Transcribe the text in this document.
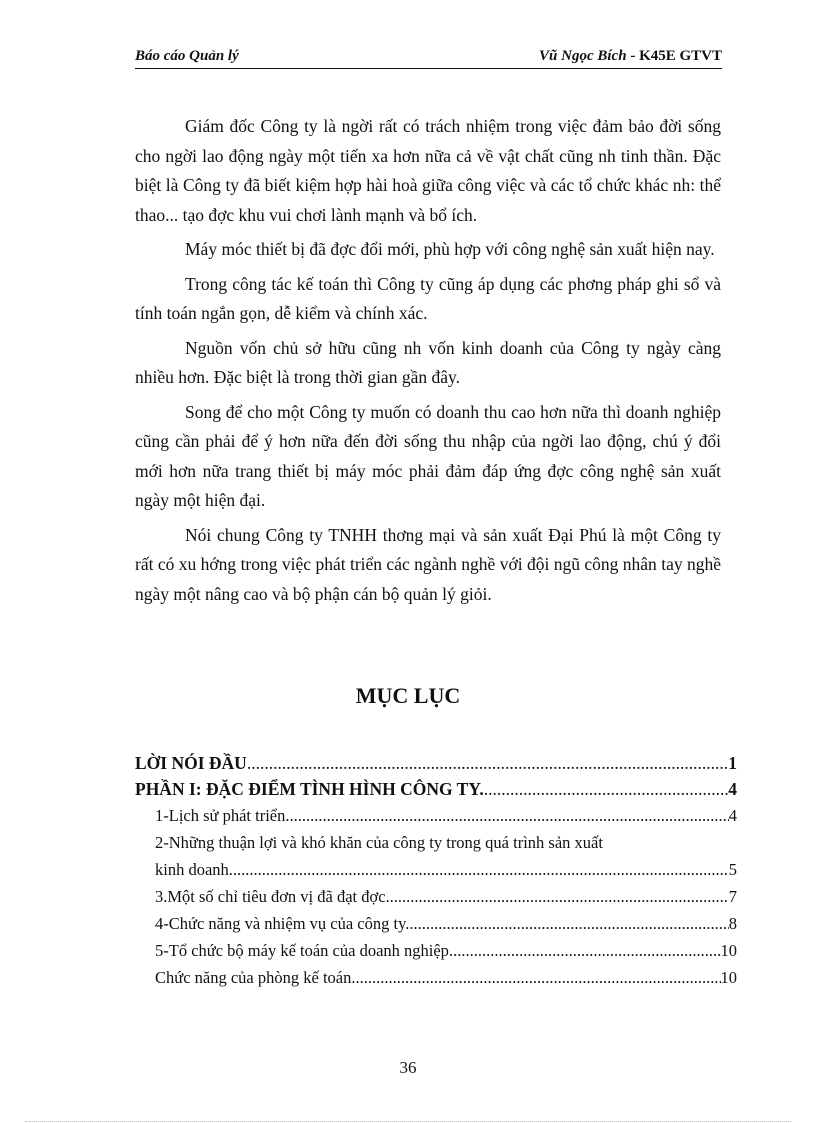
Báo cáo Quản lý	Vũ Ngọc Bích - K45E GTVT

Giám đốc Công ty là ngời rất có trách nhiệm trong việc đảm bảo đời sống cho ngời lao động ngày một tiến xa hơn nữa cả về vật chất cũng nh tinh thần. Đặc biệt là Công ty đã biết kiệm hợp hài hoà giữa công việc và các tổ chức khác nh: thể thao... tạo đợc khu vui chơi lành mạnh và bổ ích.

Máy móc thiết bị đã đợc đổi mới, phù hợp với công nghệ sản xuất hiện nay.

Trong công tác kế toán thì Công ty cũng áp dụng các phơng pháp ghi sổ và tính toán ngắn gọn, dễ kiểm và chính xác.

Nguồn vốn chủ sở hữu cũng nh vốn kinh doanh của Công ty ngày càng nhiều hơn. Đặc biệt là trong thời gian gần đây.

Song để cho một Công ty muốn có doanh thu cao hơn nữa thì doanh nghiệp cũng cần phải để ý hơn nữa đến đời sống thu nhập của ngời lao động, chú ý đổi mới hơn nữa trang thiết bị máy móc phải đảm đáp ứng đợc công nghệ sản xuất ngày một hiện đại.

Nói chung Công ty TNHH thơng mại và sản xuất Đại Phú là một Công ty rất có xu hớng trong việc phát triển các ngành nghề với đội ngũ công nhân tay nghề ngày một nâng cao và bộ phận cán bộ quản lý giỏi.

MỤC LỤC
LỜI NÓI ĐẦU .....	1
PHẦN I: ĐẶC ĐIỂM TÌNH HÌNH CÔNG TY. .....	4
1-Lịch sử phát triển .....	4
2-Những thuận lợi và khó khăn của công ty trong quá trình sản xuất
kinh doanh. .....	5
3.Một số chỉ tiêu đơn vị đã đạt đợc .....	7
4-Chức năng và nhiệm vụ của công ty. .....	8
5-Tổ chức bộ máy kế toán của doanh nghiệp. .....	10
Chức năng của phòng kế toán .....	10
36
